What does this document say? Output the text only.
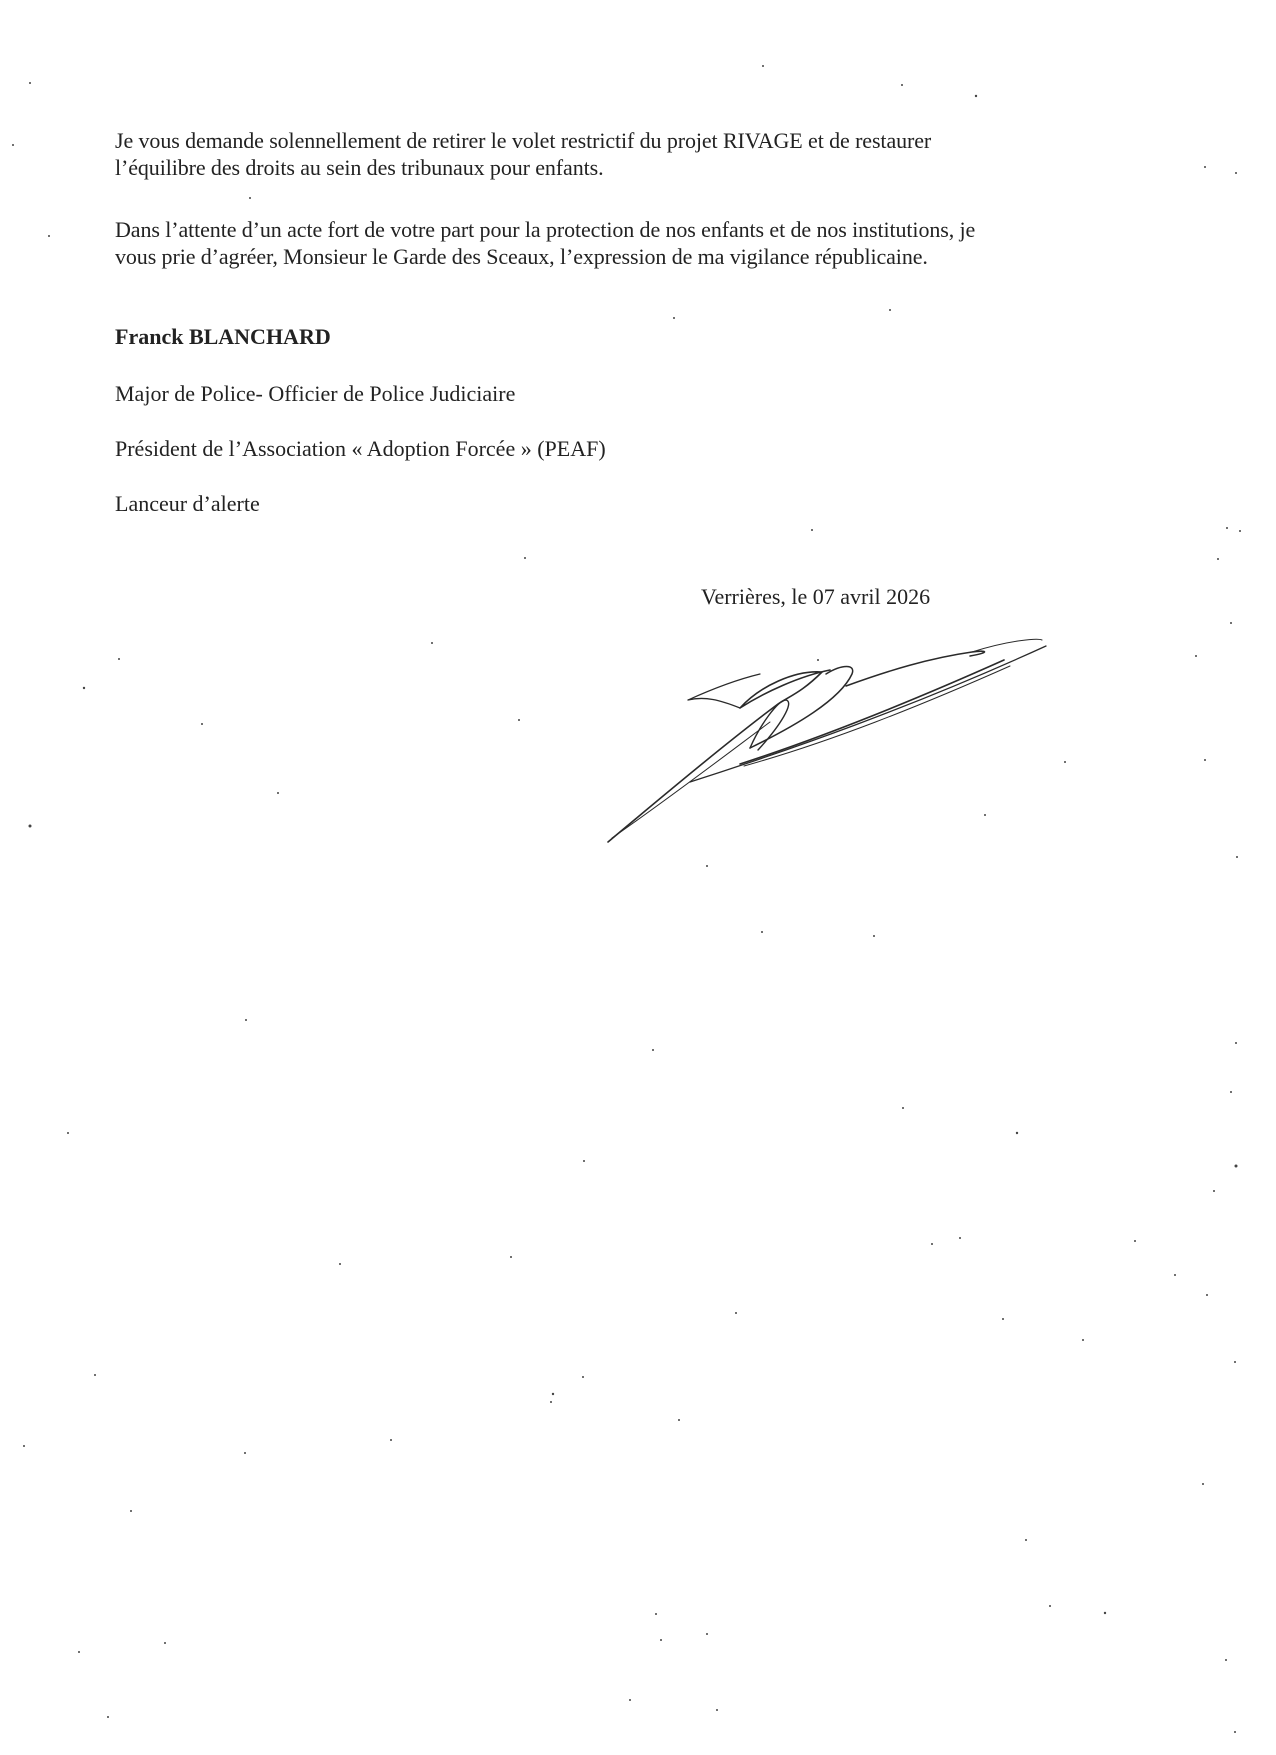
Je vous demande solennellement de retirer le volet restrictif du projet RIVAGE et de restaurer
l’équilibre des droits au sein des tribunaux pour enfants.

Dans l’attente d’un acte fort de votre part pour la protection de nos enfants et de nos institutions, je
vous prie d’agréer, Monsieur le Garde des Sceaux, l’expression de ma vigilance républicaine.

Franck BLANCHARD
Major de Police- Officier de Police Judiciaire
Président de l’Association « Adoption Forcée » (PEAF)
Lanceur d’alerte
Verrières, le 07 avril 2026
